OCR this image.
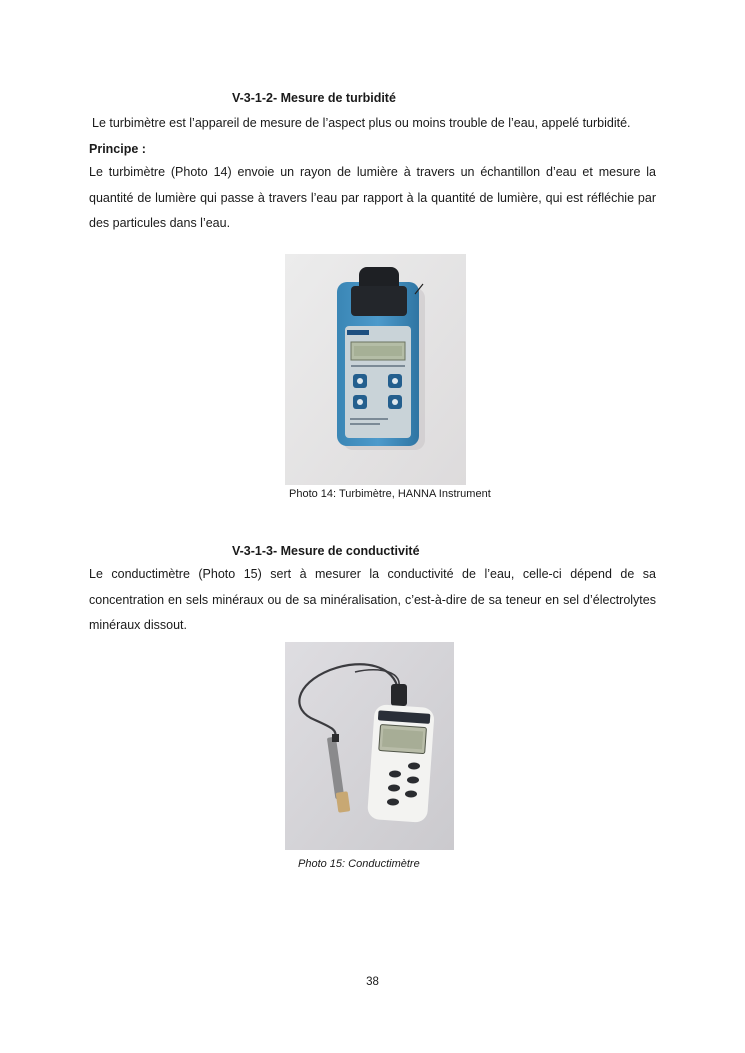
V-3-1-2- Mesure de turbidité

Le turbimètre est l’appareil de mesure de l’aspect plus ou moins trouble de l’eau, appelé turbidité.

Principe :

Le turbimètre (Photo 14) envoie un rayon de lumière à travers un échantillon d’eau et mesure la quantité de lumière qui passe à travers l’eau par rapport à la quantité de lumière, qui est réfléchie par des particules dans l’eau.

Photo 14: Turbimètre, HANNA Instrument
V-3-1-3- Mesure de conductivité

Le conductimètre (Photo 15) sert à mesurer la conductivité de l’eau, celle-ci dépend de sa concentration en sels minéraux ou de sa minéralisation, c’est-à-dire de sa teneur en sel d’électrolytes minéraux dissout.

Photo 15: Conductimètre
38
